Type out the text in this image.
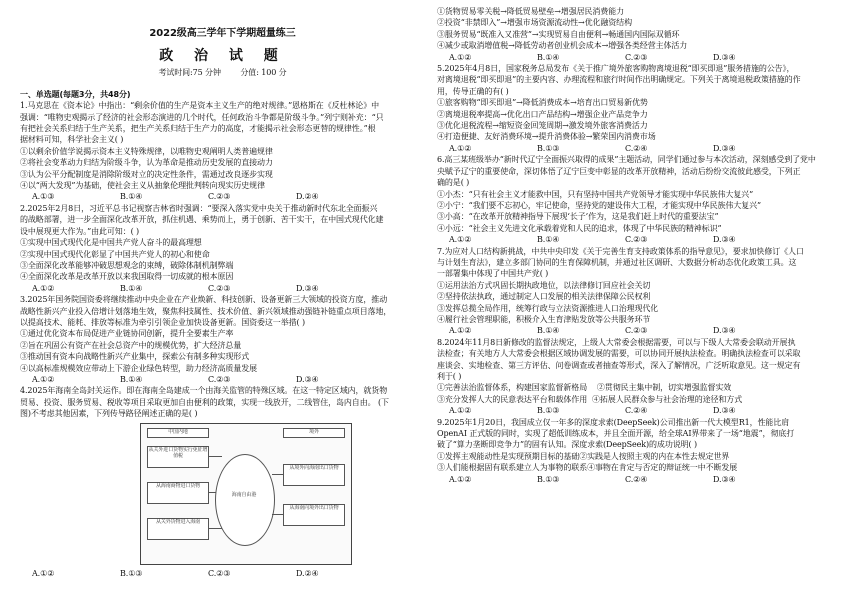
2022级高三学年下学期超量练三

政 治 试 题

考试时间:75 分钟 分值: 100 分

一、单选题(每题3分，共48分)

1.马克思在《资本论》中指出：“剩余价值的生产是资本主义生产的绝对规律。”恩格斯在《反杜林论》中

强调：“唯物史观揭示了经济的社会形态演进的几个时代，任何政治斗争都是阶级斗争。”列宁则补充：“只

有把社会关系归结于生产关系，把生产关系归结于生产力的高度，才能揭示社会形态更替的规律性。”根

据材料可知，科学社会主义( )

①以剩余价值学说揭示资本主义特殊规律，以唯物史观阐明人类普遍规律

②将社会变革动力归结为阶级斗争，认为革命是推动历史发展的直接动力

③认为公平分配制度是消除阶级对立的决定性条件，需通过改良逐步实现

④以“两大发现”为基础，使社会主义从抽象伦理批判转向现实历史规律

A.①③	B.①④	C.②③	D.②④

2.2025年2月8日，习近平总书记视察吉林省时强调：“要深入落实党中央关于推动新时代东北全面振兴

的战略部署，进一步全面深化改革开放，抓住机遇、乘势而上，勇于创新、苦干实干，在中国式现代化建

设中展现更大作为。”由此可知：( )

①实现中国式现代化是中国共产党人奋斗的最高理想

②实现中国式现代化彰显了中国共产党人的初心和使命

③全面深化改革能够冲破思想观念的束缚，破除体制机制弊端

④全面深化改革是改革开放以来我国取得一切成就的根本原因

A.①②	B.①④	C.②③	D.③④

3.2025年国务院国资委将继续推动中央企业在产业焕新、科技创新、设备更新三大领域的投资方度，推动

战略性新兴产业投入倍增计划落地生效，聚焦科技属性、技术价值、新兴领域推动强链补链重点项目落地，

以提高技术、能耗、排放等标准为牵引引领企业加快设备更新。国资委这一举措( )

①通过优化资本布局促进产业链协同创新，提升全要素生产率

②旨在巩固公有资产在社会总资产中的规模优势，扩大经济总量

③推动国有资本向战略性新兴产业集中，探索公有制多种实现形式

④以高标准规模效应带动上下游企业绿色转型，助力经济高质量发展

A.①②	B.①④	C.②③	D.③④

4.2025年海南全岛封关运作。即在海南全岛建成一个由海关监管的特殊区域。在这一特定区域内，就货物

贸易、投资、服务贸易、税收等项目采取更加自由便利的政策，实现一线放开，二线管住，岛内自由。 (下

图)不考虑其他因素，下列传导路径阐述正确的是( )

中国内地	境外
从关外进口货物实行免征增值税
从海南商物进口货物
从关外货物进入海南
海南自由港
从境外向海南出口货物
从海南向境外出口货物
A.①②	B.①③	C.②③	D.②④

①货物贸易零关税→降低贸易壁垒→增强居民消费能力

②投资“非禁即入”→增强市场资源流动性→优化融资结构

③服务贸易“既准入又准营”→实现贸易自由便利→畅通国内国际双循环

④减少或取消增值税→降低劳动者创业机会成本→增强各类经营主体活力

A.①②	B.①④	C.②③	D.③④

5.2025年4月8日，国家税务总局发布《关于推广境外旅客购物离境退税“即买即退”服务措施的公告》，

对离境退税“即买即退”的主要内容、办理流程和旅行时间作出明确规定。下列关于离境退税政策措施的作

用，传导正确的有( )

①旅客购物“即买即退”→降低消费成本→培育出口贸易新优势

②离境退税率提高→优化出口产品结构→增强企业产品竞争力

③优化退税流程→缩短资金回笼周期→激发境外旅客消费活力

④打造便捷、友好消费环境→提升消费体验→繁荣国内消费市场

A.①②	B.①③	C.②④	D.③④

6.高三某班级举办“新时代辽宁全面振兴取得的成果”主题活动，同学们通过参与本次活动，深刻感受到了党中

央赋予辽宁的重要使命，深切体悟了辽宁巨变中彰显的改革开放精神，活动后纷纷交流彼此感受，下列正

确的是( )

①小杰：“只有社会主义才能救中国，只有坚持中国共产党领导才能实现中华民族伟大复兴”

②小宁：“我们要不忘初心，牢记使命，坚持党的建设伟大工程，才能实现中华民族伟大复兴”

③小高：“在改革开放精神指导下展现‘长子’作为，这是我们赶上时代的重要法宝”

④小远：“社会主义先进文化承载着党和人民的追求，体现了中华民族的精神标识”

A.①②	B.①④	C.②③	D.③④

7.为应对人口结构新挑战，中共中央印发《关于完善生育支持政策体系的指导意见》，要求加快修订《人口

与计划生育法》，建立多部门协同的生育保障机制，并通过社区调研、大数据分析动态优化政策工具。这

一部署集中体现了中国共产党( )

①运用法治方式巩固长期执政地位，以法律修订回应社会关切

②坚持依法执政，通过制定人口发展的相关法律保障公民权利

③发挥总揽全局作用，统筹行政与立法资源推进人口治理现代化

④履行社会管理职能，积极介入生育津贴发放等公共服务环节

A.①②	B.①④	C.②③	D.③④

8.2024年11月8日新修改的监督法规定，上级人大常委会根据需要，可以与下级人大常委会联动开展执

法检查；有关地方人大常委会根据区域协调发展的需要，可以协同开展执法检查。明确执法检查可以采取

座谈会、实地检查、第三方评估、问卷调查或者抽查等形式，深入了解情况，广泛听取意见。这一规定有

利于( )

①完善法治监督体系，构建国家监督新格局 ②贯彻民主集中制，切实增强监督实效

③充分发挥人大的民意表达平台和载体作用 ④拓展人民群众参与社会治理的途径和方式

A.①②	B.①③	C.②④	D.③④

9.2025年1月20日，我国成立仅一年多的深度求索(DeepSeek)公司推出新一代大模型R1，性能比肩

OpenAI 正式版的同时，实现了超低训练成本，并且全面开源，给全球AI界带来了一场“地震”，彻底打

破了“算力垄断即竞争力”的固有认知。深度求索(DeepSeek)的成功说明( )

①发挥主观能动性是实现预期目标的基础②实践是人按照主观的内在本性去规定世界

③人们能根据固有联系建立人为事物的联系④事物在肯定与否定的辩证统一中不断发展

A.①②	B.①③	C.②④	D.③④
